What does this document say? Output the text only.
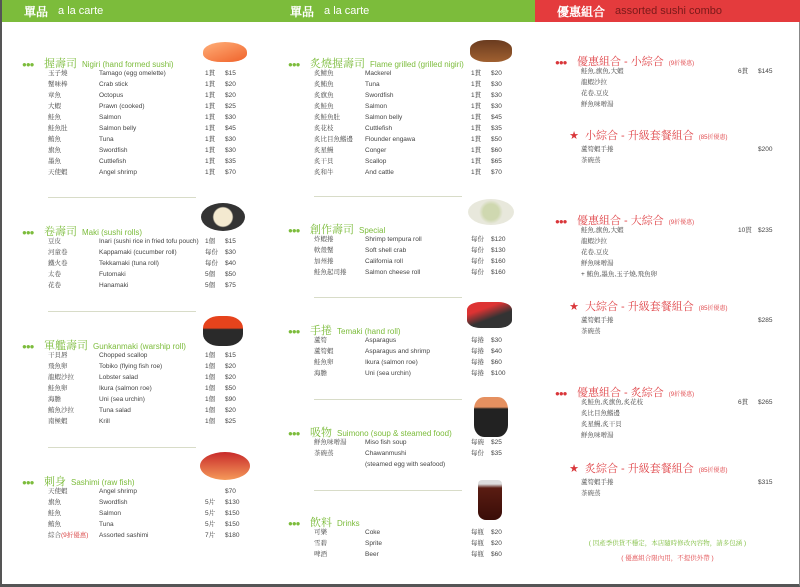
單品 a la carte	單品 a la carte	優惠組合 assorted sushi combo
●●● 握壽司 Nigiri (hand formed sushi)
玉子燒	Tamago (egg omelette)	1貫 $15
蟹味棒	Crab stick	1貫 $20
章魚	Octopus	1貫 $20
大蝦	Prawn (cooked)	1貫 $25
鮭魚	Salmon	1貫 $30
鮭魚肚	Salmon belly	1貫 $45
鮪魚	Tuna	1貫 $30
旗魚	Swordfish	1貫 $30
墨魚	Cuttlefish	1貫 $35
天使蝦	Angel shrimp	1貫 $70
●●● 卷壽司 Maki (sushi rolls)
豆皮	Inari (sushi rice in fried tofu pouch) 1個 $15
河童卷	Kappamaki (cucumber roll)	每份 $30
鐵火卷	Tekkamaki (tuna roll)	每份 $40
太卷	Futomaki	5個 $50
花卷	Hanamaki	5個 $75
●●● 軍艦壽司 Gunkanmaki (warship roll)
干貝唇	Chopped scallop	1個 $15
飛魚卵	Tobiko (flying fish roe)	1個 $20
龍蝦沙拉	Lobster salad	1個 $20
鮭魚卵	Ikura (salmon roe)	1個 $50
海膽	Uni (sea urchin)	1個 $90
鮪魚沙拉	Tuna salad	1個 $20
南極蝦	Krill	1個 $25
●●● 刺身 Sashimi (raw fish)
天使蝦	Angel shrimp	$70
旗魚	Swordfish	5片 $130
鮭魚	Salmon	5片 $150
鮪魚	Tuna	5片 $150
綜合(9折優惠) Assorted sashimi	7片 $180
●●● 炙燒握壽司 Flame grilled (grilled nigiri)
炙鯖魚	Mackerel	1貫 $20
炙鮪魚	Tuna	1貫 $30
炙旗魚	Swordfish	1貫 $30
炙鮭魚	Salmon	1貫 $30
炙鮭魚肚	Salmon belly	1貫 $45
炙花枝	Cuttlefish	1貫 $35
炙比目魚鰭邊 Flounder engawa	1貫 $50
炙星鰻	Conger	1貫 $60
炙干貝	Scallop	1貫 $65
炙和牛	And cattle	1貫 $70
●●● 創作壽司 Special
炸蝦捲	Shrimp tempura roll	每份 $120
軟殼蟹	Soft shell crab	每份 $130
加州捲	California roll	每份 $160
鮭魚起司捲	Salmon cheese roll	每份 $160
●●● 手捲 Temaki (hand roll)
蘆筍	Asparagus	每捲 $30
蘆筍蝦	Asparagus and shrimp	每捲 $40
鮭魚卵	Ikura (salmon roe)	每捲 $60
海膽	Uni (sea urchin)	每捲 $100
●●● 吸物 Suimono (soup & steamed food)
鮮魚味噌湯	Miso fish soup	每碗 $25
茶碗蒸	Chawanmushi	每份 $35
(steamed egg with seafood)
●●● 飲料 Drinks
可樂	Coke	每瓶 $20
雪碧	Sprite	每瓶 $20
啤酒	Beer	每瓶 $60
●●● 優惠組合 - 小綜合 (9折優惠)
鮭魚,旗魚,大蝦	6貫 $145
龍蝦沙拉
花卷,豆皮
鮮魚味噌湯
★ 小綜合 - 升級套餐組合 (85折優惠)
蘆筍蝦手捲	$200
茶碗蒸
●●● 優惠組合 - 大綜合 (9折優惠)
鮭魚,旗魚,大蝦	10貫 $235
龍蝦沙拉
花卷,豆皮
鮮魚味噌湯
+ 鮪魚,墨魚,玉子燒,飛魚卵
★ 大綜合 - 升級套餐組合 (85折優惠)
蘆筍蝦手捲	$285
茶碗蒸
●●● 優惠組合 - 炙綜合 (9折優惠)
炙鮭魚,炙旗魚,炙花枝	6貫 $265
炙比目魚鰭邊
炙星鰻,炙干貝
鮮魚味噌湯
★ 炙綜合 - 升級套餐組合 (85折優惠)
蘆筍蝦手捲	$315
茶碗蒸
( 因產季供貨不穩定，本店隨時修改內容物，請多包涵 )
( 優惠組合限內用，不提供外帶 )
